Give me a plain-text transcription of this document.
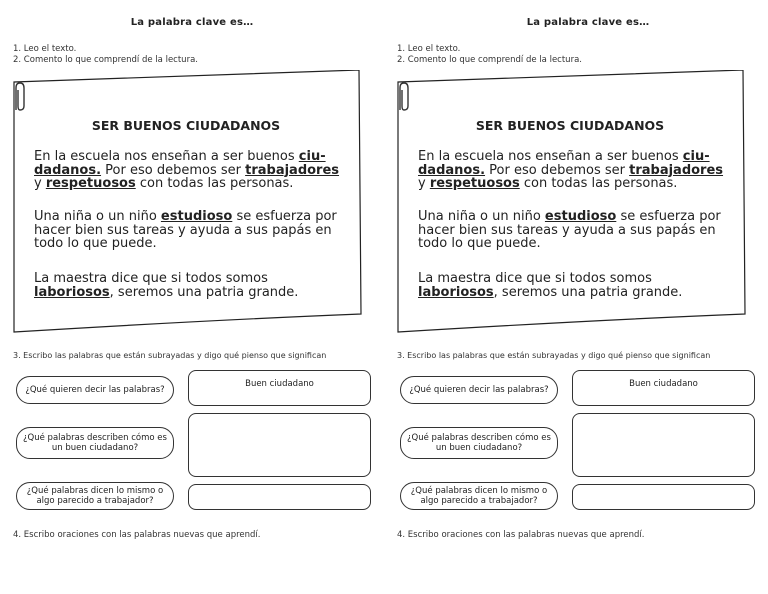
La palabra clave es…
1. Leo el texto.
2. Comento lo que comprendí de la lectura.
SER BUENOS CIUDADANOS
En la escuela nos enseñan a ser buenos ciu-dadanos. Por eso debemos ser trabajadores y respetuosos con todas las personas.
Una niña o un niño estudioso se esfuerza por hacer bien sus tareas y ayuda a sus papás en todo lo que puede.
La maestra dice que si todos somos laboriosos, seremos una patria grande.
3. Escribo las palabras que están subrayadas y digo qué pienso que significan
¿Qué quieren decir las palabras?
Buen ciudadano
¿Qué palabras describen cómo es un buen ciudadano?
¿Qué palabras dicen lo mismo o algo parecido a trabajador?
4. Escribo oraciones con las palabras nuevas que aprendí.
La palabra clave es…
1. Leo el texto.
2. Comento lo que comprendí de la lectura.
SER BUENOS CIUDADANOS
En la escuela nos enseñan a ser buenos ciu-dadanos. Por eso debemos ser trabajadores y respetuosos con todas las personas.
Una niña o un niño estudioso se esfuerza por hacer bien sus tareas y ayuda a sus papás en todo lo que puede.
La maestra dice que si todos somos laboriosos, seremos una patria grande.
3. Escribo las palabras que están subrayadas y digo qué pienso que significan
¿Qué quieren decir las palabras?
Buen ciudadano
¿Qué palabras describen cómo es un buen ciudadano?
¿Qué palabras dicen lo mismo o algo parecido a trabajador?
4. Escribo oraciones con las palabras nuevas que aprendí.
